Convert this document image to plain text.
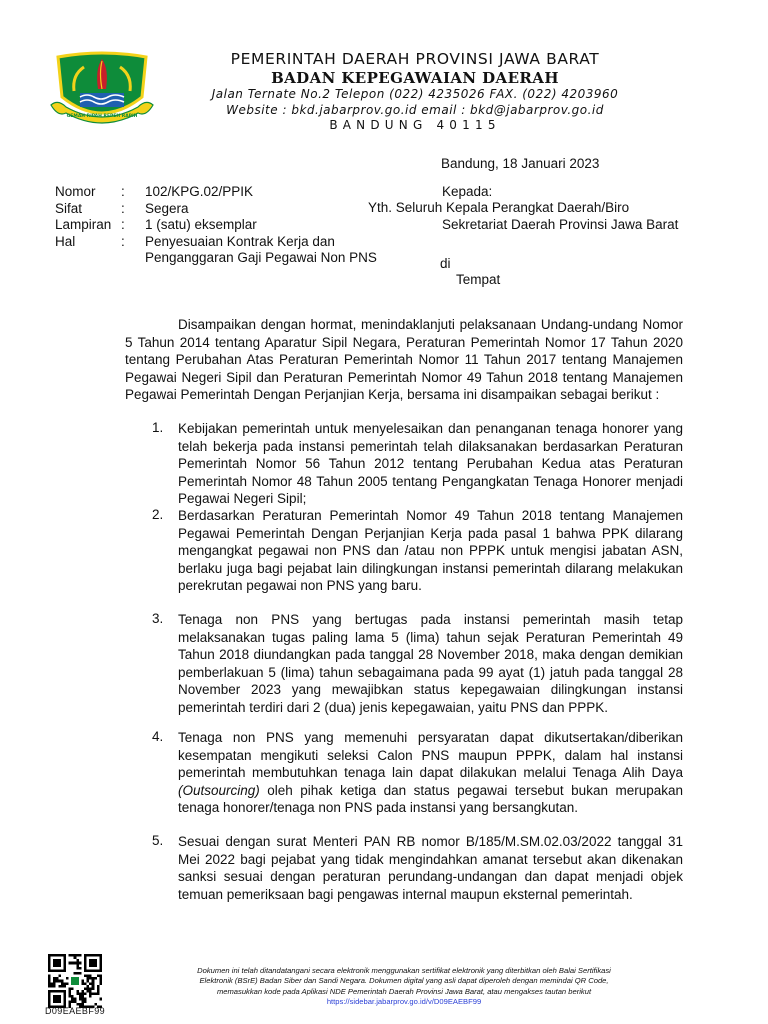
GEMAH RIPAH REPEH RAPIH
PEMERINTAH DAERAH PROVINSI JAWA BARAT
BADAN KEPEGAWAIAN DAERAH
Jalan Ternate No.2 Telepon (022) 4235026 FAX. (022) 4203960
Website : bkd.jabarprov.go.id email : bkd@jabarprov.go.id
BANDUNG 40115
Bandung, 18 Januari 2023
Nomor	:	102/KPG.02/PPIK
Sifat	:	Segera
Lampiran :	1 (satu) eksemplar
Hal	:	Penyesuaian Kontrak Kerja dan
Penganggaran Gaji Pegawai Non PNS
Kepada:
Yth. Seluruh Kepala Perangkat Daerah/Biro
Sekretariat Daerah Provinsi Jawa Barat
di
Tempat

Disampaikan dengan hormat, menindaklanjuti pelaksanaan Undang-undang Nomor 5 Tahun 2014 tentang Aparatur Sipil Negara, Peraturan Pemerintah Nomor 17 Tahun 2020 tentang Perubahan Atas Peraturan Pemerintah Nomor 11 Tahun 2017 tentang Manajemen Pegawai Negeri Sipil dan Peraturan Pemerintah Nomor 49 Tahun 2018 tentang Manajemen Pegawai Pemerintah Dengan Perjanjian Kerja, bersama ini disampaikan sebagai berikut :

1. Kebijakan pemerintah untuk menyelesaikan dan penanganan tenaga honorer yang telah bekerja pada instansi pemerintah telah dilaksanakan berdasarkan Peraturan Pemerintah Nomor 56 Tahun 2012 tentang Perubahan Kedua atas Peraturan Pemerintah Nomor 48 Tahun 2005 tentang Pengangkatan Tenaga Honorer menjadi Pegawai Negeri Sipil;

2. Berdasarkan Peraturan Pemerintah Nomor 49 Tahun 2018 tentang Manajemen Pegawai Pemerintah Dengan Perjanjian Kerja pada pasal 1 bahwa PPK dilarang mengangkat pegawai non PNS dan /atau non PPPK untuk mengisi jabatan ASN, berlaku juga bagi pejabat lain dilingkungan instansi pemerintah dilarang melakukan perekrutan pegawai non PNS yang baru.

3. Tenaga non PNS yang bertugas pada instansi pemerintah masih tetap melaksanakan tugas paling lama 5 (lima) tahun sejak Peraturan Pemerintah 49 Tahun 2018 diundangkan pada tanggal 28 November 2018, maka dengan demikian pemberlakuan 5 (lima) tahun sebagaimana pada 99 ayat (1) jatuh pada tanggal 28 November 2023 yang mewajibkan status kepegawaian dilingkungan instansi pemerintah terdiri dari 2 (dua) jenis kepegawaian, yaitu PNS dan PPPK.

4. Tenaga non PNS yang memenuhi persyaratan dapat dikutsertakan/diberikan kesempatan mengikuti seleksi Calon PNS maupun PPPK, dalam hal instansi pemerintah membutuhkan tenaga lain dapat dilakukan melalui Tenaga Alih Daya (Outsourcing) oleh pihak ketiga dan status pegawai tersebut bukan merupakan tenaga honorer/tenaga non PNS pada instansi yang bersangkutan.

5. Sesuai dengan surat Menteri PAN RB nomor B/185/M.SM.02.03/2022 tanggal 31 Mei 2022 bagi pejabat yang tidak mengindahkan amanat tersebut akan dikenakan sanksi sesuai dengan peraturan perundang-undangan dan dapat menjadi objek temuan pemeriksaan bagi pengawas internal maupun eksternal pemerintah.

D09EAEBF99
Dokumen ini telah ditandatangani secara elektronik menggunakan sertifikat elektronik yang diterbitkan oleh Balai Sertifikasi
Elektronik (BSrE) Badan Siber dan Sandi Negara. Dokumen digital yang asli dapat diperoleh dengan memindai QR Code,
memasukkan kode pada Aplikasi NDE Pemerintah Daerah Provinsi Jawa Barat, atau mengakses tautan berikut
https://sidebar.jabarprov.go.id/v/D09EAEBF99
